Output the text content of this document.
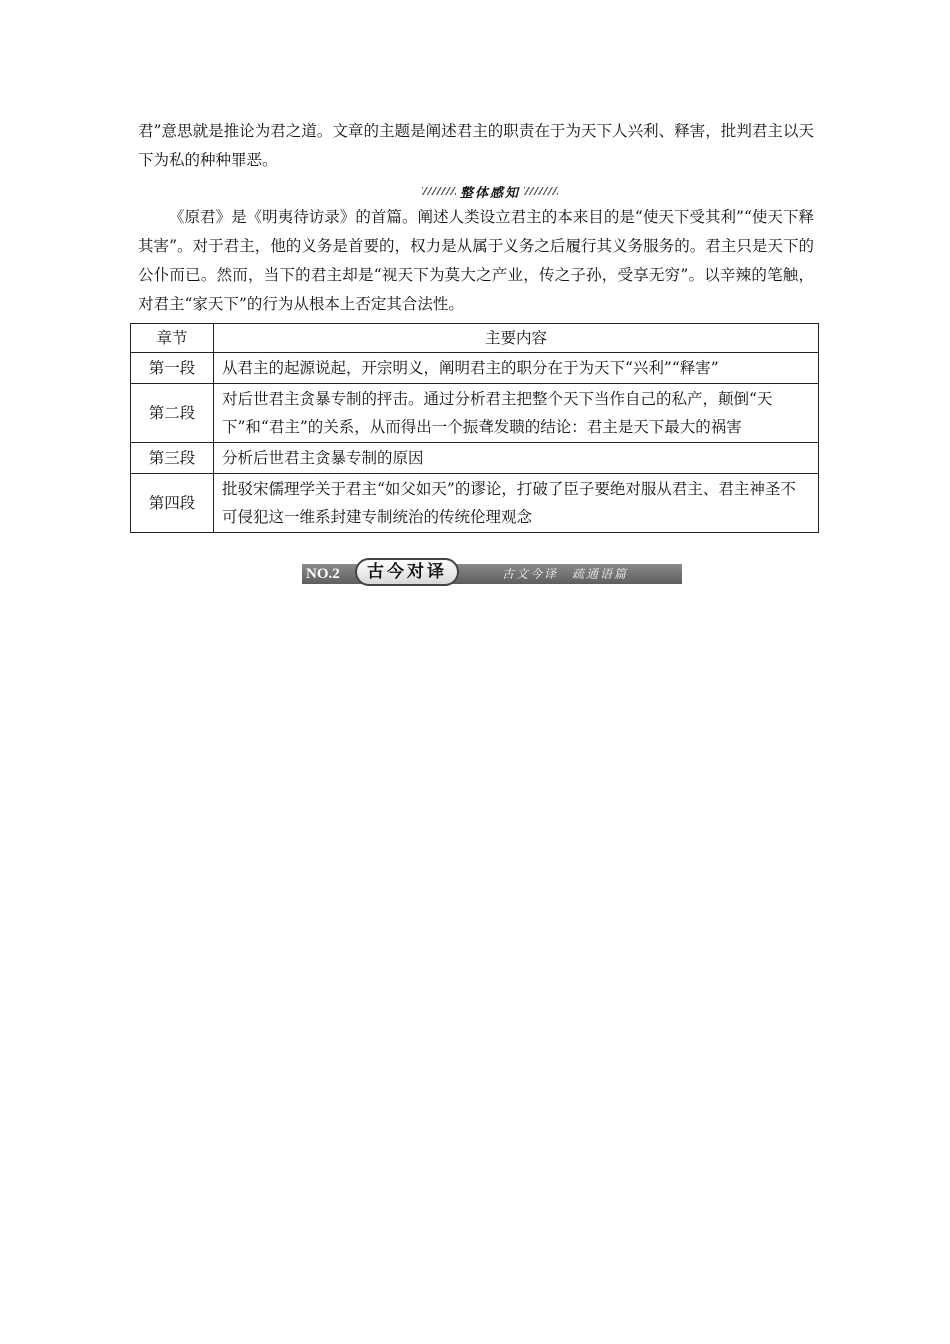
君”意思就是推论为君之道。文章的主题是阐述君主的职责在于为天下人兴利、释害，批判君主以天下为私的种种罪恶。

整体感知

《原君》是《明夷待访录》的首篇。阐述人类设立君主的本来目的是“使天下受其利”“使天下释其害”。对于君主，他的义务是首要的，权力是从属于义务之后履行其义务服务的。君主只是天下的公仆而已。然而，当下的君主却是“视天下为莫大之产业，传之子孙，受享无穷”。以辛辣的笔触，对君主“家天下”的行为从根本上否定其合法性。

章节	主要内容
第一段	从君主的起源说起，开宗明义，阐明君主的职分在于为天下“兴利”“释害”
第二段	对后世君主贪暴专制的抨击。通过分析君主把整个天下当作自己的私产，颠倒“天下”和“君主”的关系，从而得出一个振聋发聩的结论：君主是天下最大的祸害
第三段	分析后世君主贪暴专制的原因
第四段	批驳宋儒理学关于君主“如父如天”的谬论，打破了臣子要绝对服从君主、君主神圣不可侵犯这一维系封建专制统治的传统伦理观念
NO.2	古今对译	古文今译　疏通语篇
